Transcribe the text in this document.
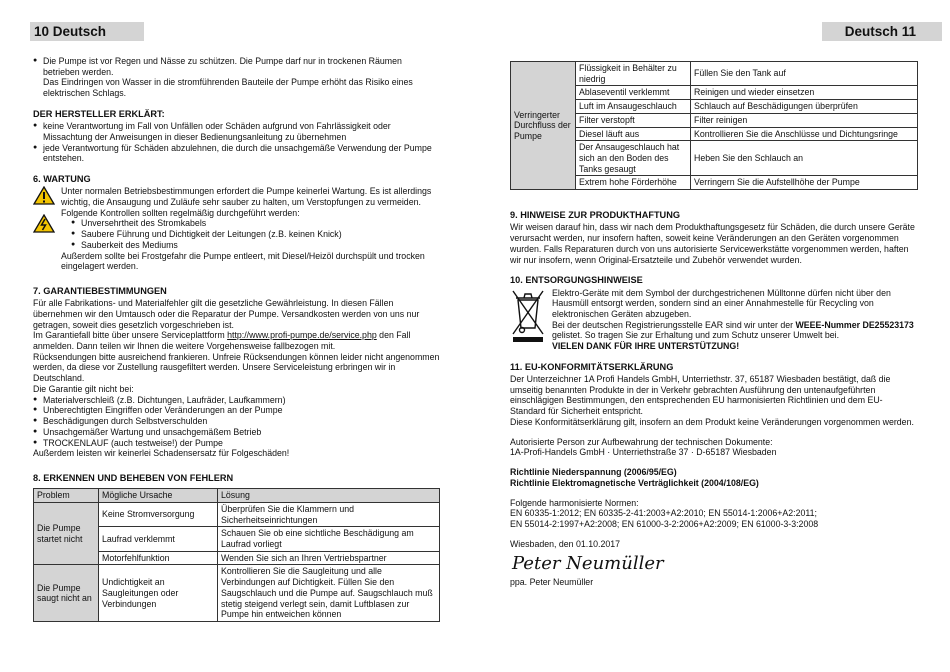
10 Deutsch	Deutsch 11
● Die Pumpe ist vor Regen und Nässe zu schützen. Die Pumpe darf nur in trockenen Räumen betrieben werden.

Das Eindringen von Wasser in die stromführenden Bauteile der Pumpe erhöht das Risiko eines elektrischen Schlags.

DER HERSTELLER ERKLÄRT:

● keine Verantwortung im Fall von Unfällen oder Schäden aufgrund von Fahrlässigkeit oder Missachtung der Anweisungen in dieser Bedienungsanleitung zu übernehmen
● jede Verantwortung für Schäden abzulehnen, die durch die unsachgemäße Verwendung der Pumpe entstehen.

6. WARTUNG

Unter normalen Betriebsbestimmungen erfordert die Pumpe keinerlei Wartung. Es ist allerdings wichtig, die Ansaugung und Zuläufe sehr sauber zu halten, um Verstopfungen zu vermeiden.

Folgende Kontrollen sollten regelmäßig durchgeführt werden:

● Unversehrtheit des Stromkabels
● Saubere Führung und Dichtigkeit der Leitungen (z.B. keinen Knick)
● Sauberkeit des Mediums

Außerdem sollte bei Frostgefahr die Pumpe entleert, mit Diesel/Heizöl durchspült und trocken eingelagert werden.

7. GARANTIEBESTIMMUNGEN

Für alle Fabrikations- und Materialfehler gilt die gesetzliche Gewährleistung. In diesen Fällen übernehmen wir den Umtausch oder die Reparatur der Pumpe. Versandkosten werden von uns nur getragen, soweit dies gesetzlich vorgeschrieben ist.

Im Garantiefall bitte über unsere Serviceplattform http://www.profi-pumpe.de/service.php den Fall anmelden. Dann teilen wir Ihnen die weitere Vorgehensweise fallbezogen mit.

Rücksendungen bitte ausreichend frankieren. Unfreie Rücksendungen können leider nicht angenommen werden, da diese vor Zustellung rausgefiltert werden. Unsere Serviceleistung erbringen wir in Deutschland.

Die Garantie gilt nicht bei:

● Materialverschleiß (z.B. Dichtungen, Laufräder, Laufkammern)
● Unberechtigten Eingriffen oder Veränderungen an der Pumpe
● Beschädigungen durch Selbstverschulden
● Unsachgemäßer Wartung und unsachgemäßem Betrieb
● TROCKENLAUF (auch testweise!) der Pumpe

Außerdem leisten wir keinerlei Schadensersatz für Folgeschäden!

8. ERKENNEN UND BEHEBEN VON FEHLERN

Problem	Mögliche Ursache	Lösung
Die Pumpe startet nicht	Keine Stromversorgung	Überprüfen Sie die Klammern und Sicherheitseinrichtungen
	Laufrad verklemmt	Schauen Sie ob eine sichtliche Beschädigung am Laufrad vorliegt
	Motorfehlfunktion	Wenden Sie sich an Ihren Vertriebspartner
Die Pumpe saugt nicht an	Undichtigkeit an Saugleitungen oder Verbindungen	Kontrollieren Sie die Saugleitung und alle Verbindungen auf Dichtigkeit. Füllen Sie den Saugschlauch und die Pumpe auf. Saugschlauch muß stetig steigend verlegt sein, damit Luftblasen zur Pumpe hin entweichen können
Verringerter Durchfluss der Pumpe	Flüssigkeit in Behälter zu niedrig	Füllen Sie den Tank auf
	Ablaseventil verklemmt	Reinigen und wieder einsetzen
	Luft im Ansaugeschlauch	Schlauch auf Beschädigungen überprüfen
	Filter verstopft	Filter reinigen
	Diesel läuft aus	Kontrollieren Sie die Anschlüsse und Dichtungsringe
	Der Ansaugeschlauch hat sich an den Boden des Tanks gesaugt	Heben Sie den Schlauch an
	Extrem hohe Förderhöhe	Verringern Sie die Aufstellhöhe der Pumpe

9. HINWEISE ZUR PRODUKTHAFTUNG

Wir weisen darauf hin, dass wir nach dem Produkthaftungsgesetz für Schäden, die durch unsere Geräte verursacht werden, nur insofern haften, soweit keine Veränderungen an den Geräten vorgenommen wurden. Falls Reparaturen durch von uns autorisierte Servicewerkstätte vorgenommen werden, haften wir nur insofern, wenn Original-Ersatzteile und Zubehör verwendet wurden.

10. ENTSORGUNGSHINWEISE

Elektro-Geräte mit dem Symbol der durchgestrichenen Mülltonne dürfen nicht über den Hausmüll entsorgt werden, sondern sind an einer Annahmestelle für Recycling von elektronischen Geräten abzugeben.

Bei der deutschen Registrierungsstelle EAR sind wir unter der WEEE-Nummer DE25523173 gelistet. So tragen Sie zur Erhaltung und zum Schutz unserer Umwelt bei.

VIELEN DANK FÜR IHRE UNTERSTÜTZUNG!

11. EU-KONFORMITÄTSERKLÄRUNG

Der Unterzeichner 1A Profi Handels GmbH, Unterriethstr. 37, 65187 Wiesbaden bestätigt, daß die umseitig benannten Produkte in der in Verkehr gebrachten Ausführung den untenaufgeführten einschlägigen Bestimmungen, den entsprechenden EU harmonisierten Richtlinien und dem EU-Standard für Sicherheit entspricht.

Diese Konformitätserklärung gilt, insofern an dem Produkt keine Veränderungen vorgenommen werden.

Autorisierte Person zur Aufbewahrung der technischen Dokumente:

1A-Profi-Handels GmbH · Unterriethstraße 37 · D-65187 Wiesbaden

Richtlinie Niederspannung (2006/95/EG)

Richtlinie Elektromagnetische Verträglichkeit (2004/108/EG)

Folgende harmonisierte Normen:

EN 60335-1:2012; EN 60335-2-41:2003+A2:2010; EN 55014-1:2006+A2:2011;

EN 55014-2:1997+A2:2008; EN 61000-3-2:2006+A2:2009; EN 61000-3-3:2008

Wiesbaden, den 01.10.2017

Peter Neumüller

ppa. Peter Neumüller
